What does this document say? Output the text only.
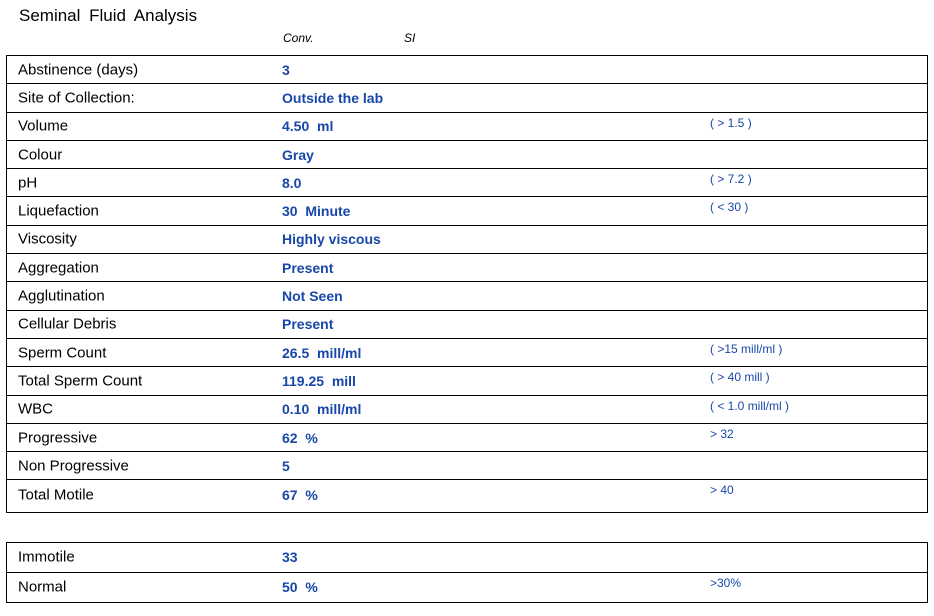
Seminal Fluid Analysis
Conv.	SI
Abstinence (days)	3
Site of Collection:	Outside the lab
Volume	4.50  ml	( > 1.5 )
Colour	Gray
pH	8.0	( > 7.2 )
Liquefaction	30  Minute	( < 30 )
Viscosity	Highly viscous
Aggregation	Present
Agglutination	Not Seen
Cellular Debris	Present
Sperm Count	26.5  mill/ml	( >15 mill/ml )
Total Sperm Count	119.25  mill	( > 40 mill )
WBC	0.10  mill/ml	( < 1.0 mill/ml )
Progressive	62  %	> 32
Non Progressive	5
Total Motile	67  %	> 40
Immotile	33
Normal	50  %	>30%
